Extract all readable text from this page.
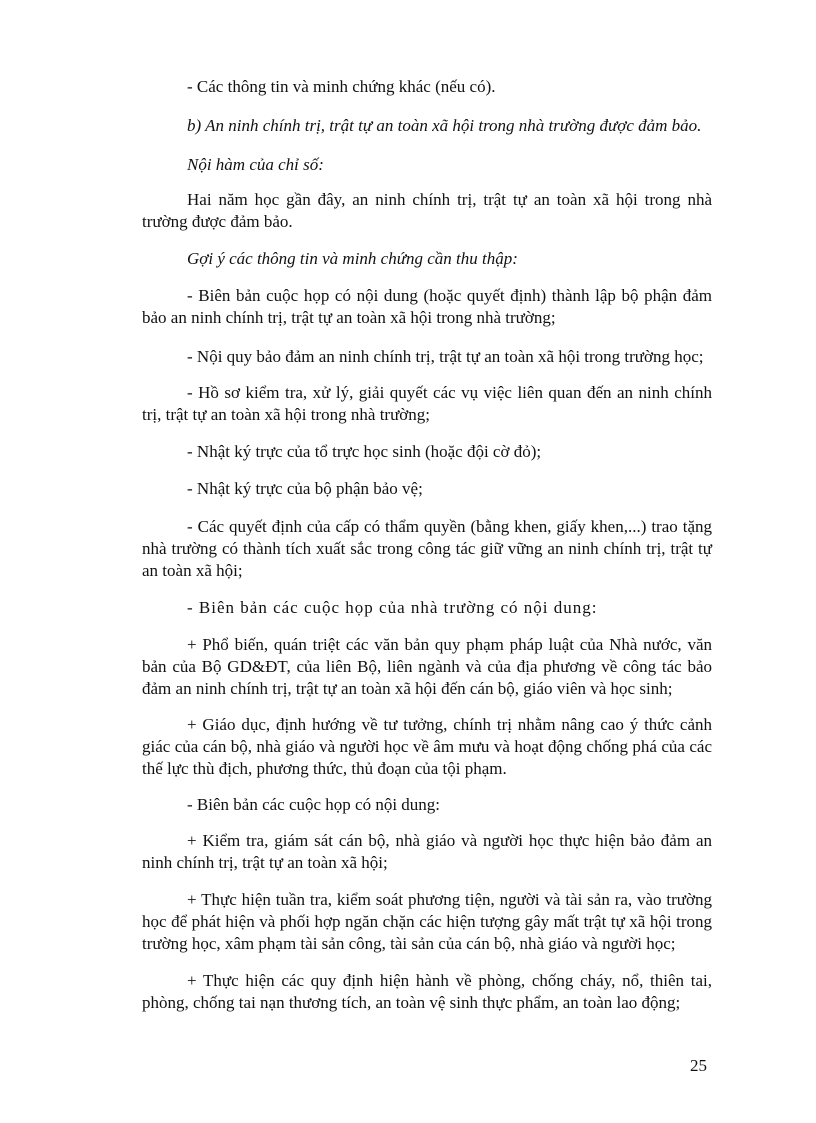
- Các thông tin và minh chứng khác (nếu có).

b) An ninh chính trị, trật tự an toàn xã hội trong nhà trường được đảm bảo.

Nội hàm của chỉ số:

Hai năm học gần đây, an ninh chính trị, trật tự an toàn xã hội trong nhà trường được đảm bảo.

Gợi ý các thông tin và minh chứng cần thu thập:

- Biên bản cuộc họp có nội dung (hoặc quyết định) thành lập bộ phận đảm bảo an ninh chính trị, trật tự an toàn xã hội trong nhà trường;

- Nội quy bảo đảm an ninh chính trị, trật tự an toàn xã hội trong trường học;

- Hồ sơ kiểm tra, xử lý, giải quyết các vụ việc liên quan đến an ninh chính trị, trật tự an toàn xã hội trong nhà trường;

- Nhật ký trực của tổ trực học sinh (hoặc đội cờ đỏ);

- Nhật ký trực của bộ phận bảo vệ;

- Các quyết định của cấp có thẩm quyền (bằng khen, giấy khen,...) trao tặng nhà trường có thành tích xuất sắc trong công tác giữ vững an ninh chính trị, trật tự an toàn xã hội;

- Biên bản các cuộc họp của nhà trường có nội dung:

+ Phổ biến, quán triệt các văn bản quy phạm pháp luật của Nhà nước, văn bản của Bộ GD&ĐT, của liên Bộ, liên ngành và của địa phương về công tác bảo đảm an ninh chính trị, trật tự an toàn xã hội đến cán bộ, giáo viên và học sinh;

+ Giáo dục, định hướng về tư tưởng, chính trị nhằm nâng cao ý thức cảnh giác của cán bộ, nhà giáo và người học về âm mưu và hoạt động chống phá của các thế lực thù địch, phương thức, thủ đoạn của tội phạm.

- Biên bản các cuộc họp có nội dung:

+ Kiểm tra, giám sát cán bộ, nhà giáo và người học thực hiện bảo đảm an ninh chính trị, trật tự an toàn xã hội;

+ Thực hiện tuần tra, kiểm soát phương tiện, người và tài sản ra, vào trường học để phát hiện và phối hợp ngăn chặn các hiện tượng gây mất trật tự xã hội trong trường học, xâm phạm tài sản công, tài sản của cán bộ, nhà giáo và người học;

+ Thực hiện các quy định hiện hành về phòng, chống cháy, nổ, thiên tai, phòng, chống tai nạn thương tích, an toàn vệ sinh thực phẩm, an toàn lao động;

25
